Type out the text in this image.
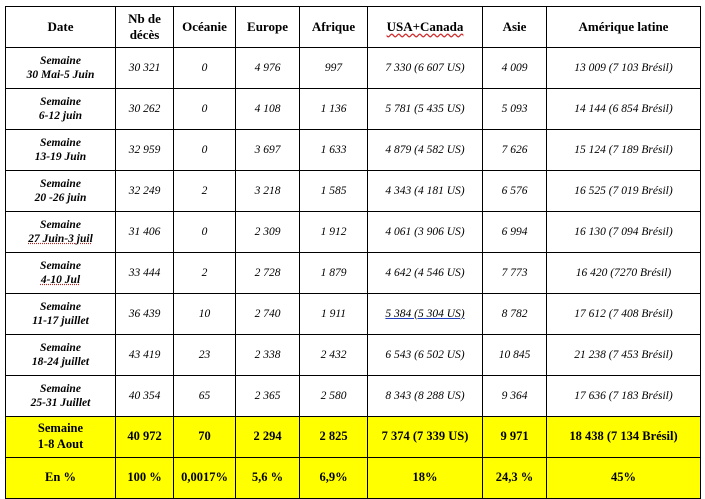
Date	Nb de décès	Océanie	Europe	Afrique	USA+Canada	Asie	Amérique latine

Semaine
30 Mai-5 Juin	30 321	0	4 976	997	7 330 (6 607 US)	4 009	13 009 (7 103 Brésil)

Semaine
6-12 juin	30 262	0	4 108	1 136	5 781 (5 435 US)	5 093	14 144 (6 854 Brésil)

Semaine
13-19 Juin	32 959	0	3 697	1 633	4 879 (4 582 US)	7 626	15 124 (7 189 Brésil)

Semaine
20 -26 juin	32 249	2	3 218	1 585	4 343 (4 181 US)	6 576	16 525 (7 019 Brésil)

Semaine
27 Juin-3 juil	31 406	0	2 309	1 912	4 061 (3 906 US)	6 994	16 130 (7 094 Brésil)

Semaine
4-10 Jul	33 444	2	2 728	1 879	4 642 (4 546 US)	7 773	16 420 (7270 Brésil)

Semaine
11-17 juillet	36 439	10	2 740	1 911	5 384 (5 304 US)	8 782	17 612 (7 408 Brésil)

Semaine
18-24 juillet	43 419	23	2 338	2 432	6 543 (6 502 US)	10 845	21 238 (7 453 Brésil)

Semaine
25-31 Juillet	40 354	65	2 365	2 580	8 343 (8 288 US)	9 364	17 636 (7 183 Brésil)

Semaine
1-8 Aout	40 972	70	2 294	2 825	7 374 (7 339 US)	9 971	18 438 (7 134 Brésil)

En %	100 %	0,0017%	5,6 %	6,9%	18%	24,3 %	45%
